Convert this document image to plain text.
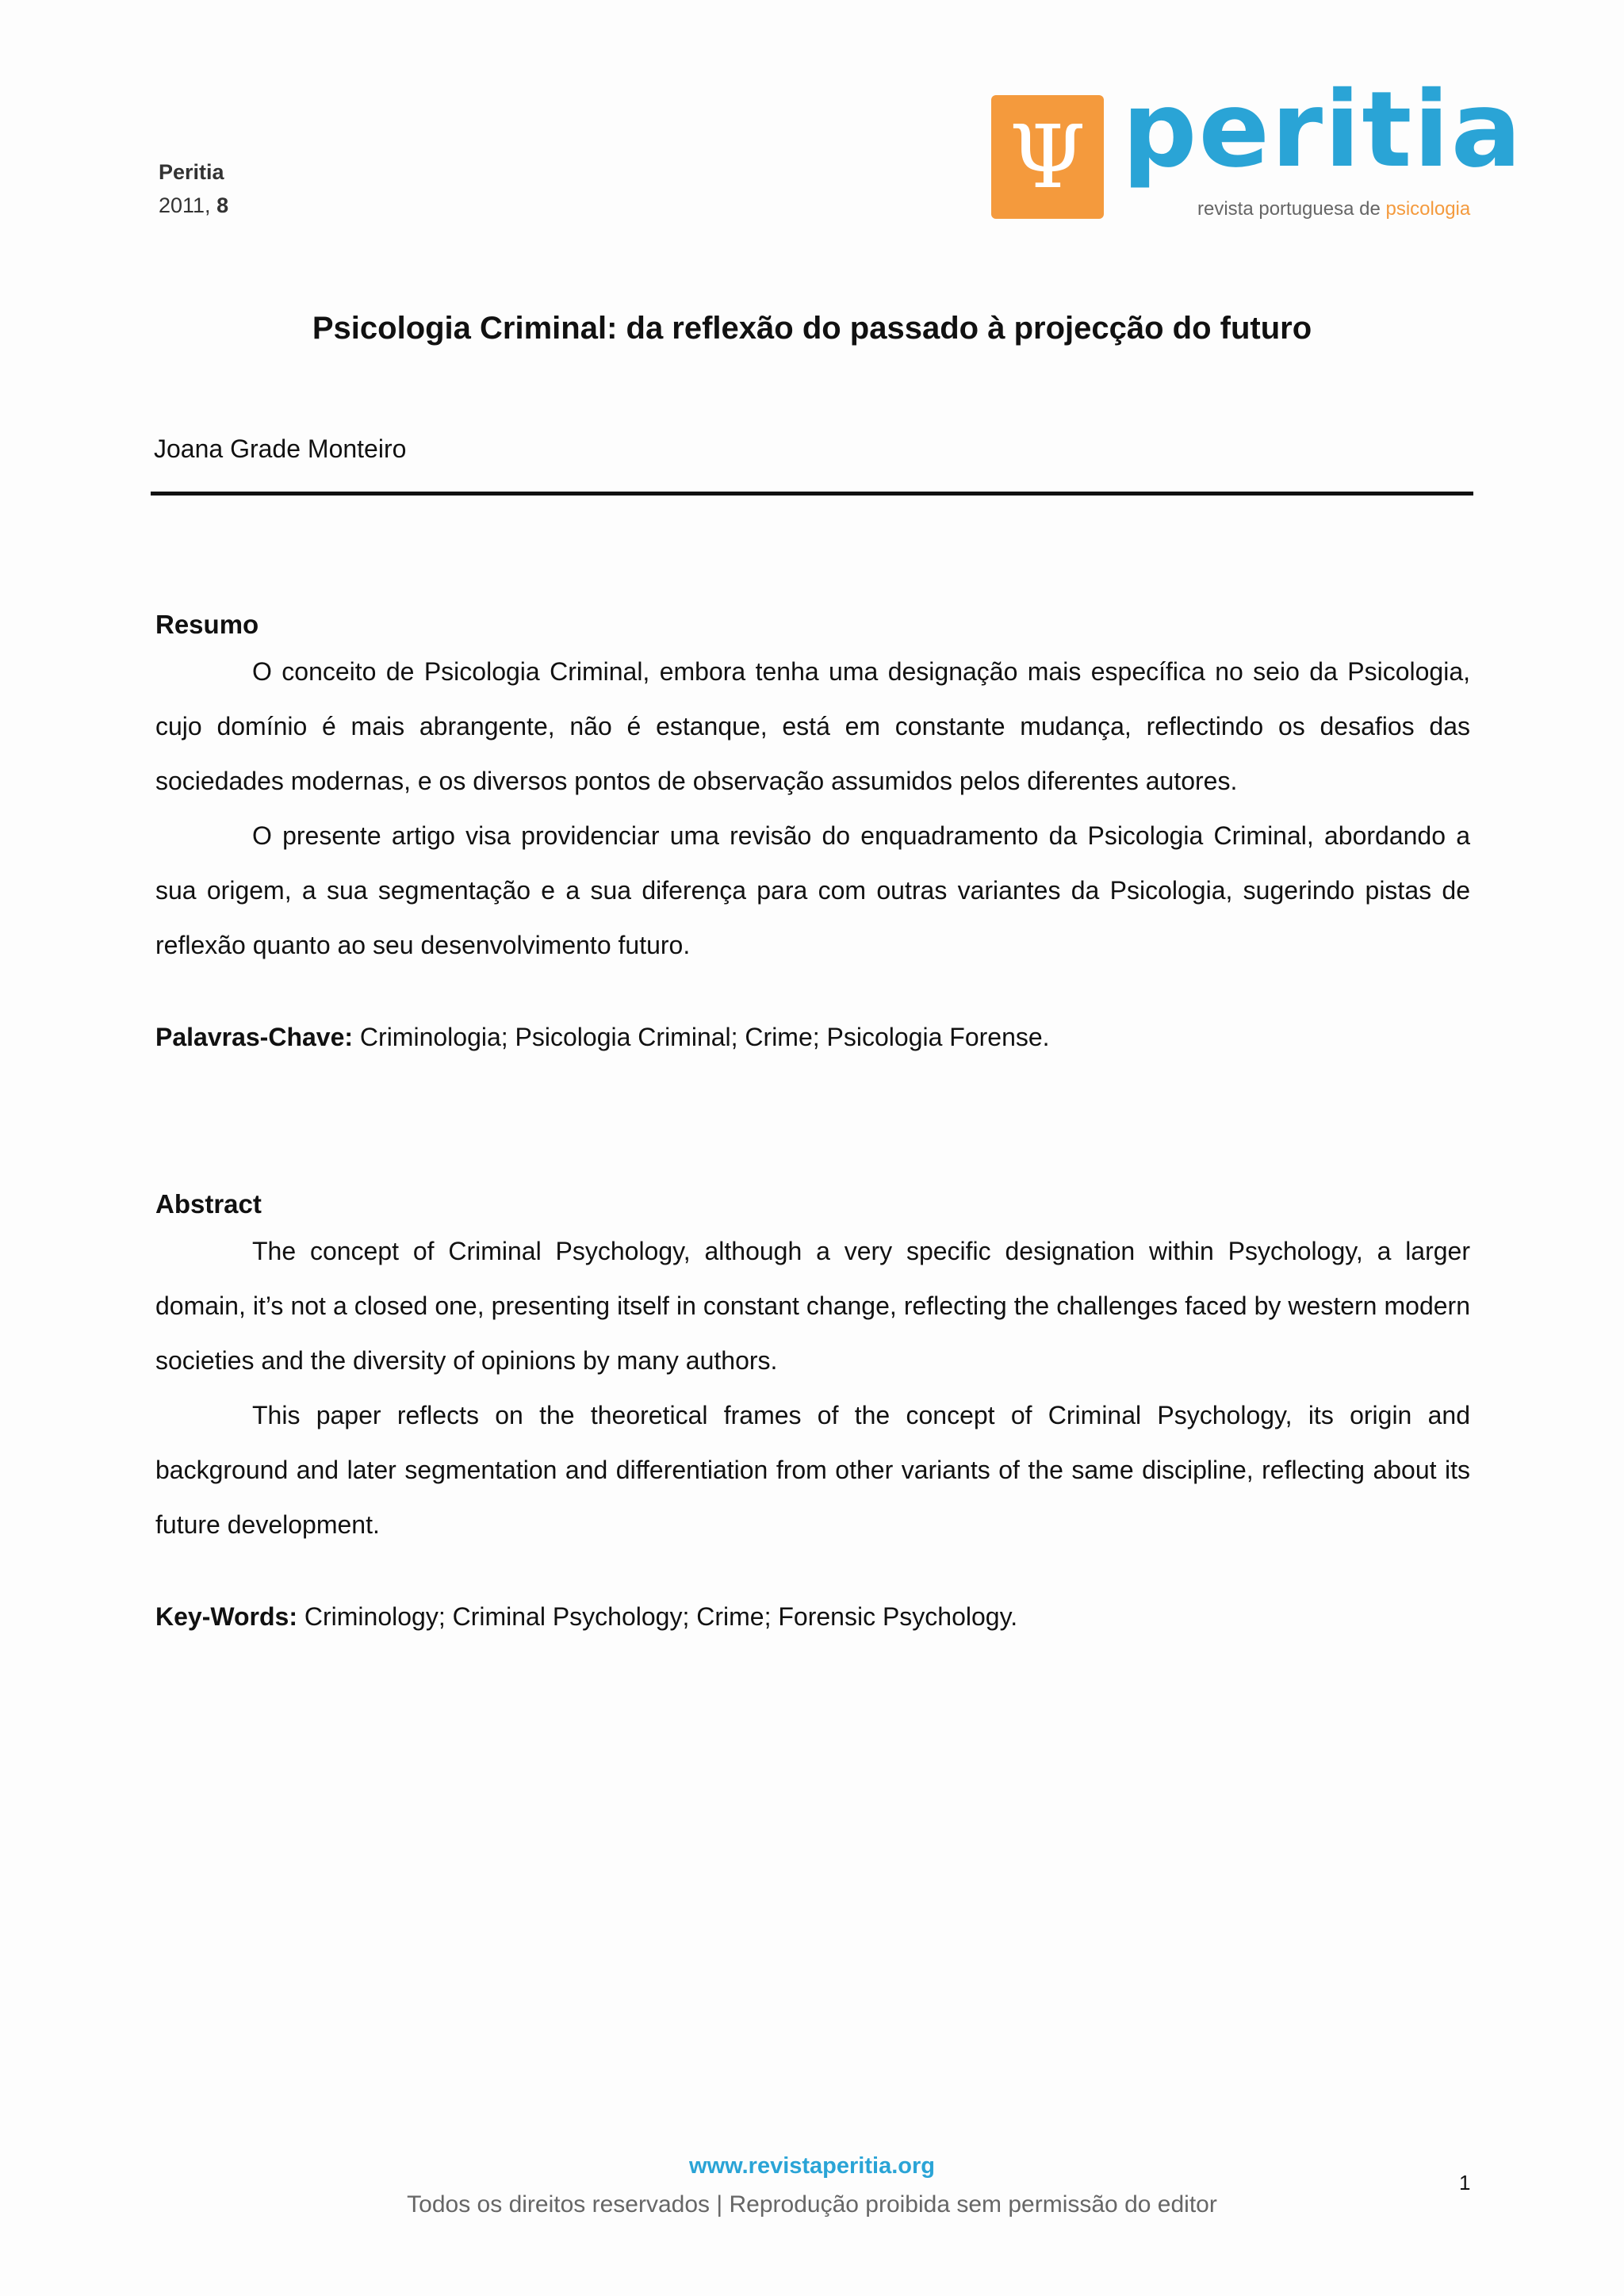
Peritia
2011, 8	Ψ peritia
revista portuguesa de psicologia
Psicologia Criminal: da reflexão do passado à projecção do futuro
Joana Grade Monteiro
Resumo

O conceito de Psicologia Criminal, embora tenha uma designação mais específica no seio da Psicologia, cujo domínio é mais abrangente, não é estanque, está em constante mudança, reflectindo os desafios das sociedades modernas, e os diversos pontos de observação assumidos pelos diferentes autores.

O presente artigo visa providenciar uma revisão do enquadramento da Psicologia Criminal, abordando a sua origem, a sua segmentação e a sua diferença para com outras variantes da Psicologia, sugerindo pistas de reflexão quanto ao seu desenvolvimento futuro.

Palavras-Chave: Criminologia; Psicologia Criminal; Crime; Psicologia Forense.
Abstract

The concept of Criminal Psychology, although a very specific designation within Psychology, a larger domain, it’s not a closed one, presenting itself in constant change, reflecting the challenges faced by western modern societies and the diversity of opinions by many authors.

This paper reflects on the theoretical frames of the concept of Criminal Psychology, its origin and background and later segmentation and differentiation from other variants of the same discipline, reflecting about its future development.

Key-Words: Criminology; Criminal Psychology; Crime; Forensic Psychology.
www.revistaperitia.org
Todos os direitos reservados | Reprodução proibida sem permissão do editor
1
